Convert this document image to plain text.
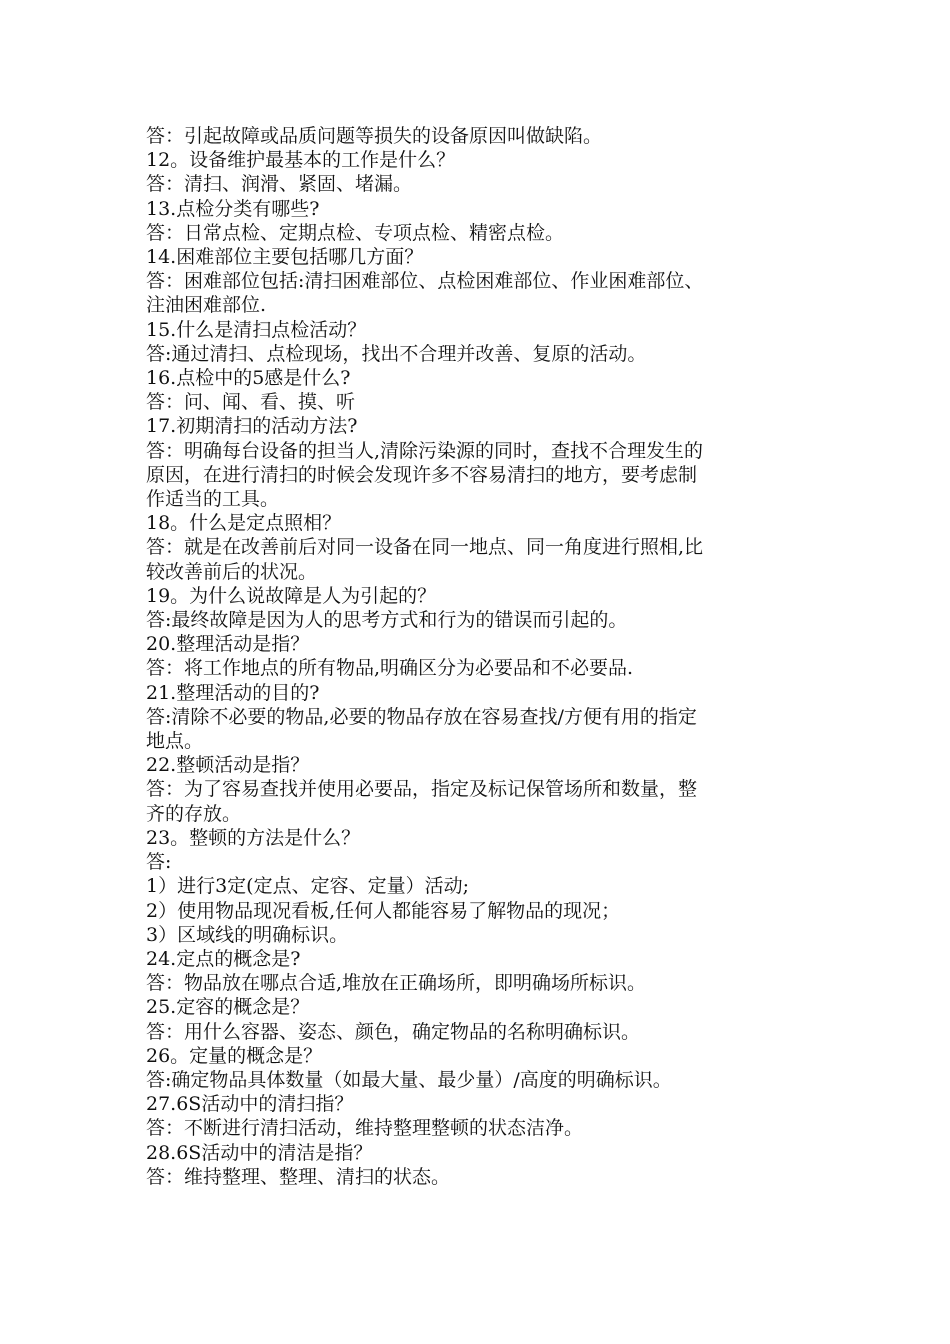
答：引起故障或品质问题等损失的设备原因叫做缺陷。
12。设备维护最基本的工作是什么？
答：清扫、润滑、紧固、堵漏。
13.点检分类有哪些?
答：日常点检、定期点检、专项点检、精密点检。
14.困难部位主要包括哪几方面？
答：困难部位包括:清扫困难部位、点检困难部位、作业困难部位、
注油困难部位.
15.什么是清扫点检活动？
答:通过清扫、点检现场，找出不合理并改善、复原的活动。
16.点检中的5感是什么?
答：问、闻、看、摸、听
17.初期清扫的活动方法?
答：明确每台设备的担当人,清除污染源的同时，查找不合理发生的
原因，在进行清扫的时候会发现许多不容易清扫的地方，要考虑制
作适当的工具。
18。什么是定点照相？
答：就是在改善前后对同一设备在同一地点、同一角度进行照相,比
较改善前后的状况。
19。为什么说故障是人为引起的？
答:最终故障是因为人的思考方式和行为的错误而引起的。
20.整理活动是指？
答：将工作地点的所有物品,明确区分为必要品和不必要品.
21.整理活动的目的?
答:清除不必要的物品,必要的物品存放在容易查找/方便有用的指定
地点。
22.整顿活动是指？
答：为了容易查找并使用必要品，指定及标记保管场所和数量，整
齐的存放。
23。整顿的方法是什么？
答:
1）进行3定(定点、定容、定量）活动;
2）使用物品现况看板,任何人都能容易了解物品的现况；
3）区域线的明确标识。
24.定点的概念是?
答：物品放在哪点合适,堆放在正确场所，即明确场所标识。
25.定容的概念是？
答：用什么容器、姿态、颜色，确定物品的名称明确标识。
26。定量的概念是？
答:确定物品具体数量（如最大量、最少量）/高度的明确标识。
27.6S活动中的清扫指？
答：不断进行清扫活动，维持整理整顿的状态洁净。
28.6S活动中的清洁是指？
答：维持整理、整理、清扫的状态。
